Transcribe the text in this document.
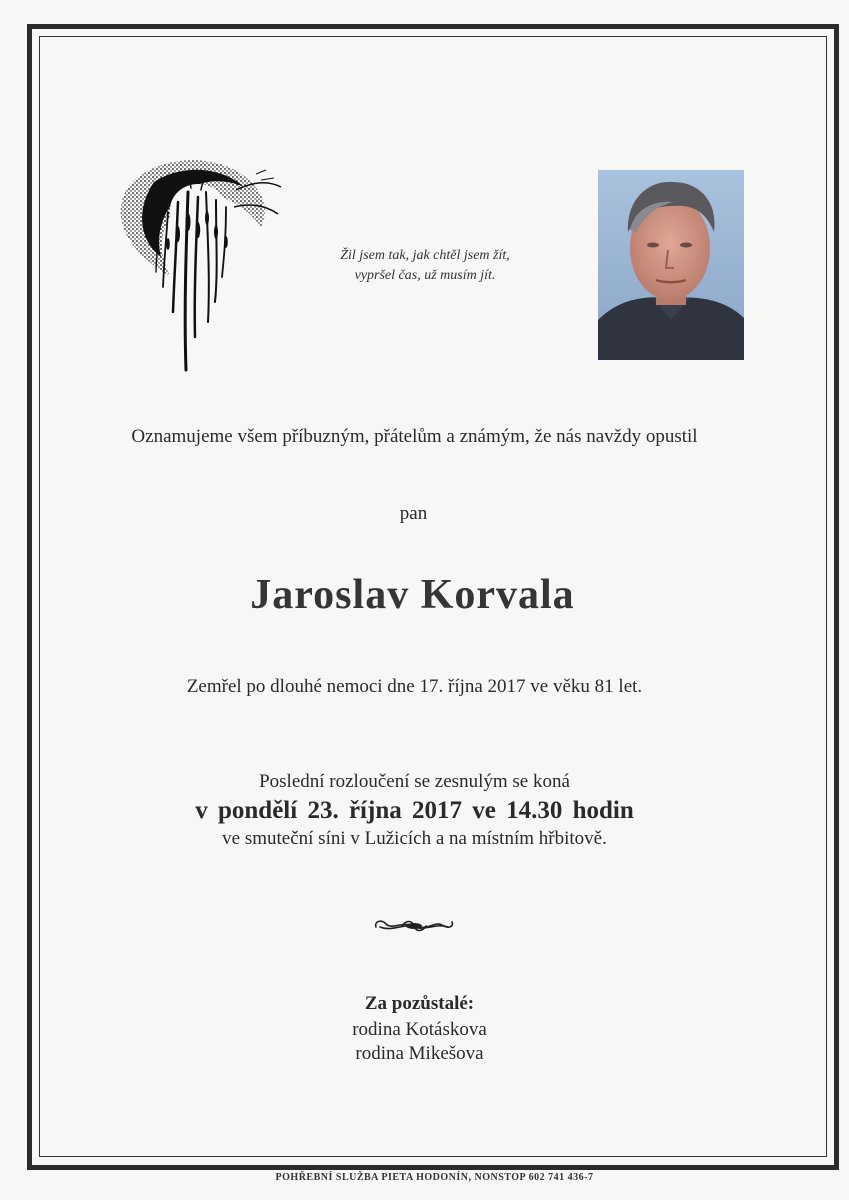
Žil jsem tak, jak chtěl jsem žít,
vypršel čas, už musím jít.
Oznamujeme všem příbuzným, přátelům a známým, že nás navždy opustil
pan
Jaroslav Korvala
Zemřel po dlouhé nemoci dne 17. října 2017 ve věku 81 let.
Poslední rozloučení se zesnulým se koná
v pondělí 23. října 2017 ve 14.30 hodin
ve smuteční síni v Lužicích a na místním hřbitově.
Za pozůstalé:
rodina Kotáskova
rodina Mikešova
POHŘEBNÍ SLUŽBA PIETA HODONÍN, NONSTOP 602 741 436-7
